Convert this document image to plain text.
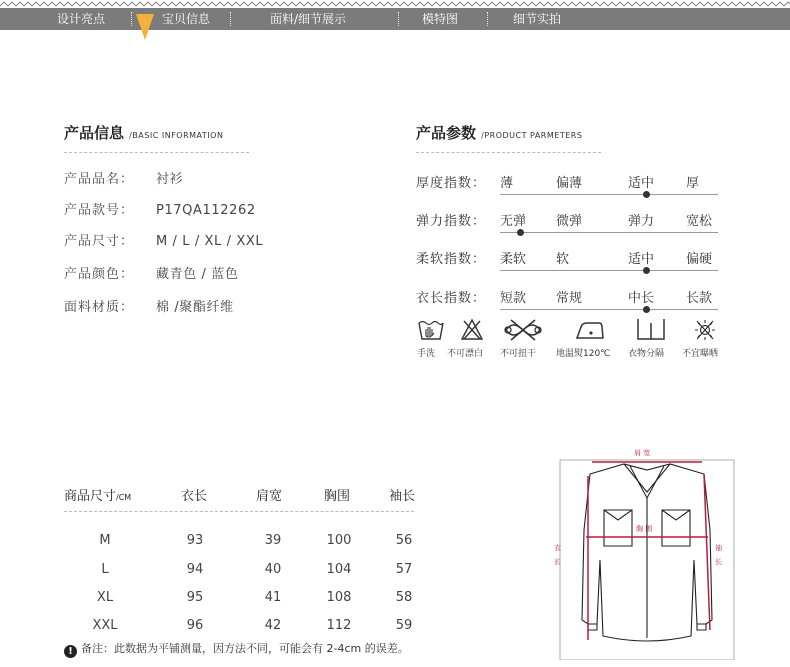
设计亮点	宝贝信息	面料/细节展示	模特图	细节实拍
产品信息 /BASIC INFORMATION
产品品名： 衬衫
产品款号： P17QA112262
产品尺寸： M / L / XL / XXL
产品颜色： 藏青色 / 蓝色
面料材质： 棉 /聚酯纤维
产品参数 /PRODUCT PARMETERS
厚度指数： 薄	偏薄	适中 厚
弹力指数： 无弹 微弹	弹力 宽松
柔软指数： 柔软 软	适中 偏硬
衣长指数： 短款 常规	中长 长款
手洗 不可漂白 不可扭干 地温熨120℃ 衣物分隔 不宜曝晒
商品尺寸/CM	衣长	肩宽	胸围	袖长
M	93	39	100	56
L	94	40	104	57
XL	95	41	108	58
XXL	96	42	112	59
! 备注：此数据为平铺测量，因方法不同，可能会有 2-4cm 的误差。
肩 宽
胸 围
衣
长
袖
长
